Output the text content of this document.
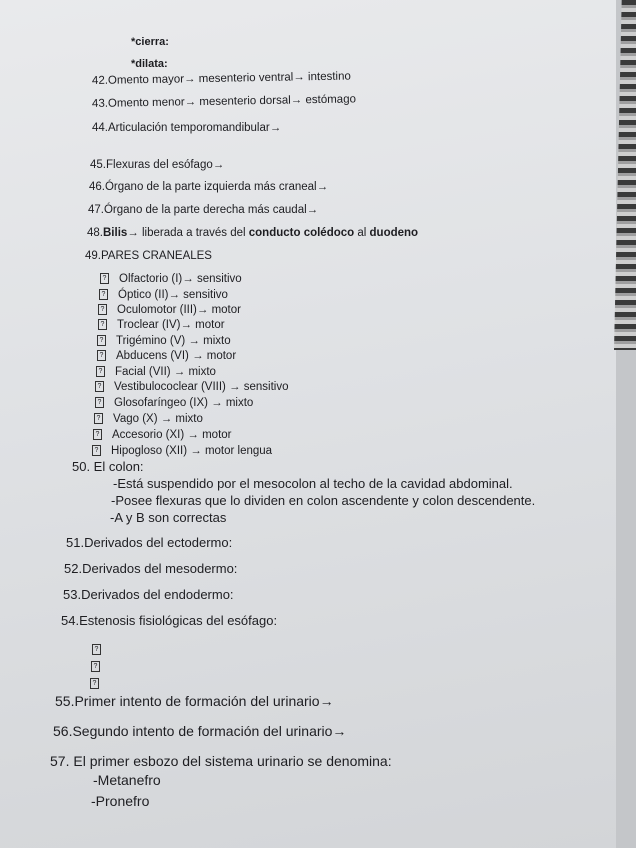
*cierra:
*dilata:
42.Omento mayor→ mesenterio ventral→ intestino
43.Omento menor→ mesenterio dorsal→ estómago
44.Articulación temporomandibular→
45.Flexuras del esófago→
46.Órgano de la parte izquierda más craneal→
47.Órgano de la parte derecha más caudal→
48.Bilis→ liberada a través del conducto colédoco al duodeno
49.PARES CRANEALES
? Olfactorio (I)→ sensitivo
? Óptico (II)→ sensitivo
? Oculomotor (III)→ motor
? Troclear (IV)→ motor
? Trigémino (V) → mixto
? Abducens (VI) → motor
? Facial (VII) → mixto
? Vestibulococlear (VIII) → sensitivo
? Glosofaríngeo (IX) → mixto
? Vago (X) → mixto
? Accesorio (XI) → motor
? Hipogloso (XII) → motor lengua
50. El colon:
-Está suspendido por el mesocolon al techo de la cavidad abdominal.
-Posee flexuras que lo dividen en colon ascendente y colon descendente.
-A y B son correctas
51.Derivados del ectodermo:
52.Derivados del mesodermo:
53.Derivados del endodermo:
54.Estenosis fisiológicas del esófago:
?
?
?
55.Primer intento de formación del urinario→
56.Segundo intento de formación del urinario→
57. El primer esbozo del sistema urinario se denomina:
-Metanefro
-Pronefro
